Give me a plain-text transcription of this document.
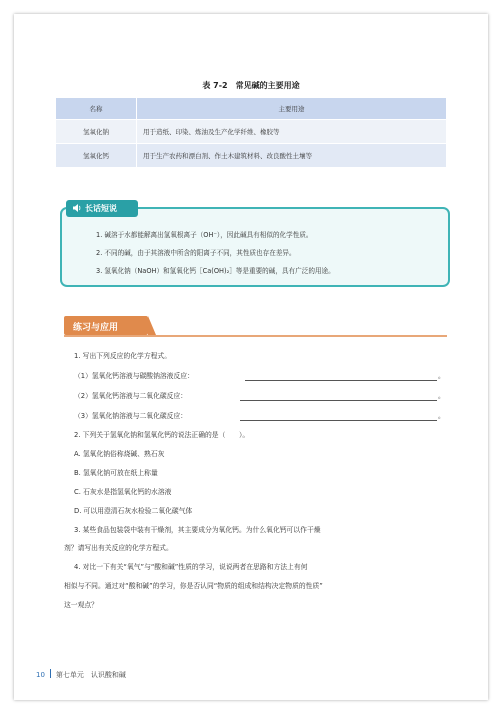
表 7-2　常见碱的主要用途
名称	主要用途
氢氧化钠	用于造纸、印染、炼油及生产化学纤维、橡胶等
氢氧化钙	用于生产农药和漂白剂、作土木建筑材料、改良酸性土壤等
1. 碱溶于水都能解离出氢氧根离子（OH⁻），因此碱具有相似的化学性质。
2. 不同的碱，由于其溶液中所含的阳离子不同，其性质也存在差异。
3. 氢氧化钠（NaOH）和氢氧化钙［Ca(OH)₂］等是重要的碱，具有广泛的用途。
长话短说
练习与应用
1. 写出下列反应的化学方程式。
（1）氢氧化钙溶液与碳酸钠溶液反应：	。
（2）氢氧化钙溶液与二氧化碳反应：	。
（3）氢氧化钠溶液与二氧化碳反应：	。
2. 下列关于氢氧化钠和氢氧化钙的说法正确的是（　　）。
A. 氢氧化钠俗称烧碱、熟石灰
B. 氢氧化钠可放在纸上称量
C. 石灰水是指氢氧化钙的水溶液
D. 可以用澄清石灰水检验二氧化碳气体
3. 某些食品包装袋中装有干燥剂，其主要成分为氧化钙。为什么氧化钙可以作干燥
剂？请写出有关反应的化学方程式。
4. 对比一下有关“氧气”与“酸和碱”性质的学习，说说两者在思路和方法上有何
相似与不同。通过对“酸和碱”的学习，你是否认同“物质的组成和结构决定物质的性质”
这一观点？
10 第七单元　认识酸和碱
